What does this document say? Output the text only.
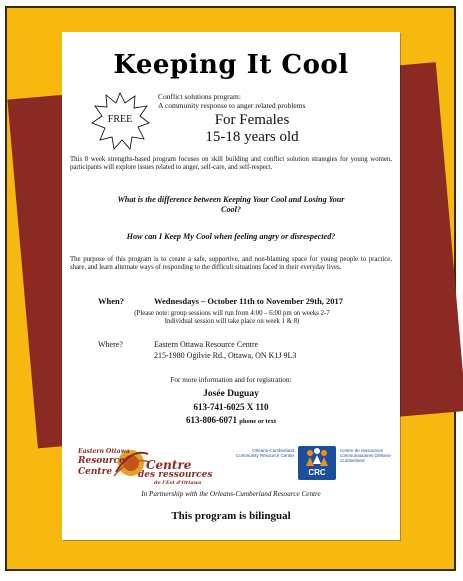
Keeping It Cool
FREE
Conflict solutions program:
A community response to anger related problems
For Females
15-18 years old
This 8 week strengths-based program focuses on skill building and conflict solution strategies for young women, participants will explore issues related to anger, self-care, and self-respect.
What is the difference between Keeping Your Cool and Losing Your Cool?
How can I Keep My Cool when feeling angry or disrespected?
The purpose of this program is to create a safe, supportive, and non-blaming space for young people to practice, share, and learn alternate ways of responding to the difficult situations faced in their everyday lives.
When?	Wednesdays – October 11th to November 29th, 2017
(Please note: group sessions will run from 4:00 – 6:00 pm on weeks 2-7
Individual session will take place on week 1 & 8)
Where?	Eastern Ottawa Resource Centre
215-1980 Ogilvie Rd., Ottawa, ON K1J 9L3
For more information and for registration:
Josée Duguay
613-741-6025 X 110
613-806-6071 phone or text
Eastern Ottawa
Resource
Centre	Centre
des ressources
de l'Est d'Ottawa
Orléans-Cumberland Community Resource Centre
CRC
Centre de ressources communautaires Orléans-Cumberland
In Partnership with the Orleans-Cumberland Resource Centre
This program is bilingual
